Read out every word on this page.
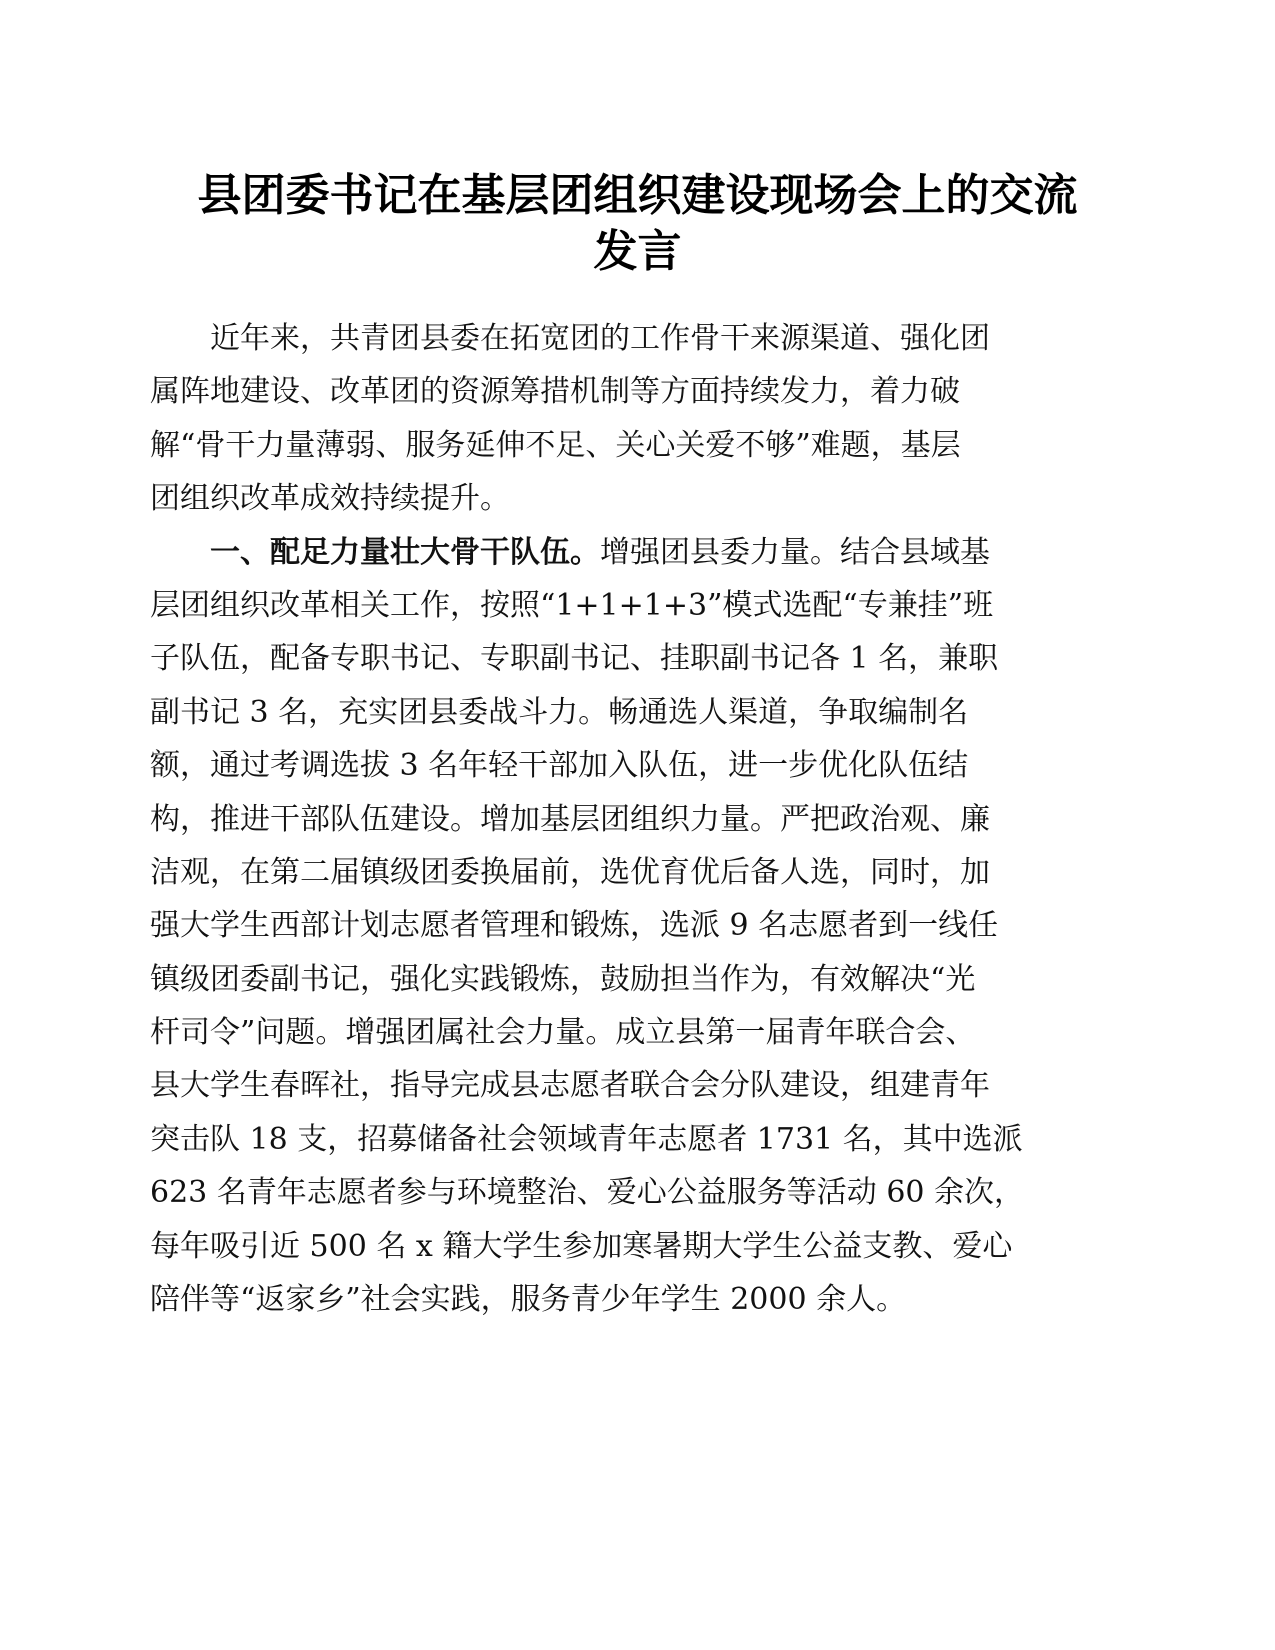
县团委书记在基层团组织建设现场会上的交流
发言
近年来，共青团县委在拓宽团的工作骨干来源渠道、强化团
属阵地建设、改革团的资源筹措机制等方面持续发力，着力破
解“骨干力量薄弱、服务延伸不足、关心关爱不够”难题，基层
团组织改革成效持续提升。
一、配足力量壮大骨干队伍。增强团县委力量。结合县域基
层团组织改革相关工作，按照“1+1+1+3”模式选配“专兼挂”班
子队伍，配备专职书记、专职副书记、挂职副书记各 1 名，兼职
副书记 3 名，充实团县委战斗力。畅通选人渠道，争取编制名
额，通过考调选拔 3 名年轻干部加入队伍，进一步优化队伍结
构，推进干部队伍建设。增加基层团组织力量。严把政治观、廉
洁观，在第二届镇级团委换届前，选优育优后备人选，同时，加
强大学生西部计划志愿者管理和锻炼，选派 9 名志愿者到一线任
镇级团委副书记，强化实践锻炼，鼓励担当作为，有效解决“光
杆司令”问题。增强团属社会力量。成立县第一届青年联合会、
县大学生春晖社，指导完成县志愿者联合会分队建设，组建青年
突击队 18 支，招募储备社会领域青年志愿者 1731 名，其中选派
623 名青年志愿者参与环境整治、爱心公益服务等活动 60 余次，
每年吸引近 500 名 x 籍大学生参加寒暑期大学生公益支教、爱心
陪伴等“返家乡”社会实践，服务青少年学生 2000 余人。
